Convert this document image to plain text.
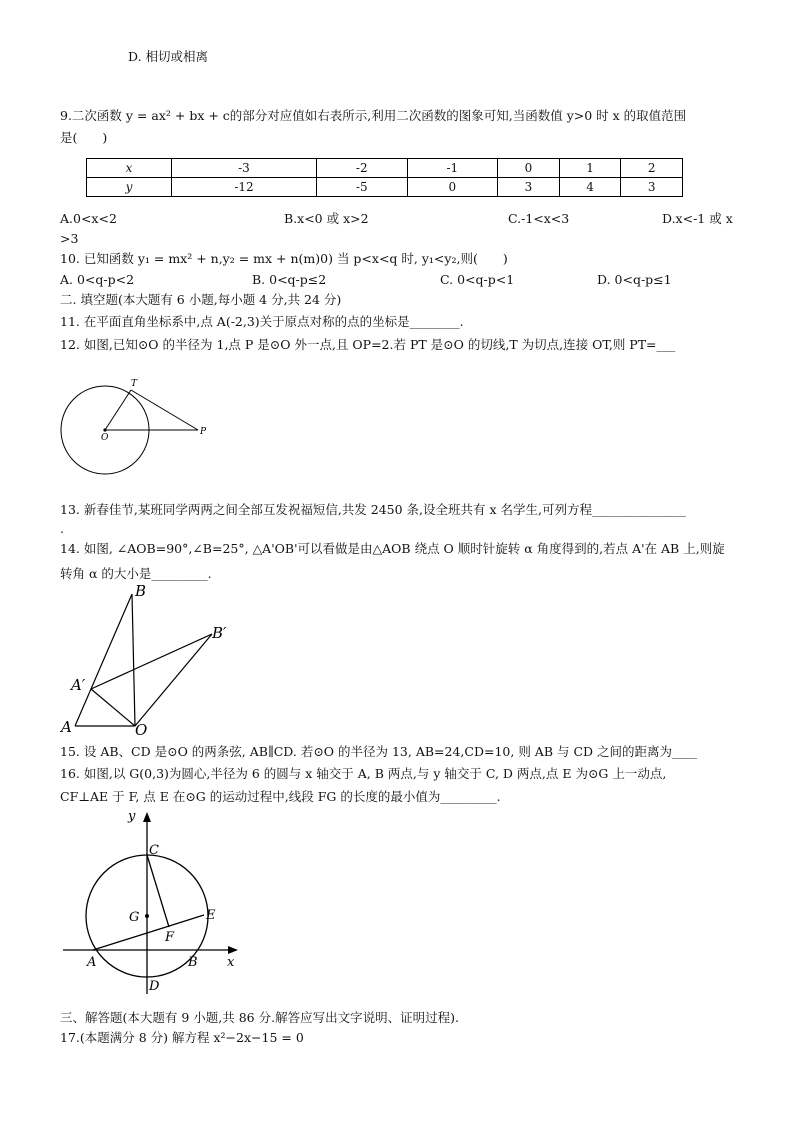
D. 相切或相离
9.二次函数 y = ax² + bx + c的部分对应值如右表所示,利用二次函数的图象可知,当函数值 y>0 时 x 的取值范围
是(　　)
x	-3	-2	-1	0	1	2
y	-12	-5	0	3	4	3
A.0<x<2	B.x<0 或 x>2	C.-1<x<3	D.x<-1 或 x
>3
10. 已知函数 y₁ = mx² + n,y₂ = mx + n(m)0) 当 p<x<q 时, y₁<y₂,则(　　)
A. 0<q-p<2	B. 0<q-p≤2	C. 0<q-p<1	D. 0<q-p≤1
二. 填空题(本大题有 6 小题,每小题 4 分,共 24 分)
11. 在平面直角坐标系中,点 A(-2,3)关于原点对称的点的坐标是________.
12. 如图,已知⊙O 的半径为 1,点 P 是⊙O 外一点,且 OP=2.若 PT 是⊙O 的切线,T 为切点,连接 OT,则 PT=___
T
O
P
13. 新春佳节,某班同学两两之间全部互发祝福短信,共发 2450 条,设全班共有 x 名学生,可列方程_______________
.
14. 如图, ∠AOB=90°,∠B=25°, △A'OB'可以看做是由△AOB 绕点 O 顺时针旋转 α 角度得到的,若点 A'在 AB 上,则旋
转角 α 的大小是_________.
B
B′
A′
A	O
15. 设 AB、CD 是⊙O 的两条弦, AB∥CD. 若⊙O 的半径为 13, AB=24,CD=10, 则 AB 与 CD 之间的距离为____
16. 如图,以 G(0,3)为圆心,半径为 6 的圆与 x 轴交于 A, B 两点,与 y 轴交于 C, D 两点,点 E 为⊙G 上一动点,
CF⊥AE 于 F, 点 E 在⊙G 的运动过程中,线段 FG 的长度的最小值为_________.
y
x
C
G	E
F
A	B
D
三、解答题(本大题有 9 小题,共 86 分.解答应写出文字说明、证明过程).
17.(本题满分 8 分) 解方程 x²−2x−15 = 0
